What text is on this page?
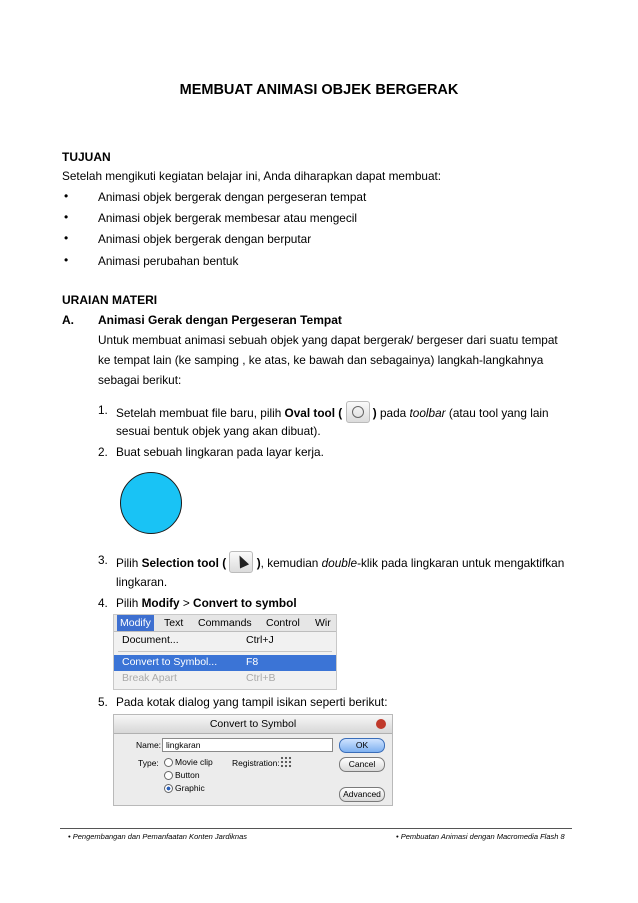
MEMBUAT ANIMASI OBJEK BERGERAK
TUJUAN
Setelah mengikuti kegiatan belajar ini, Anda diharapkan dapat membuat:
•	Animasi objek bergerak dengan pergeseran tempat
•	Animasi objek bergerak membesar atau mengecil
•	Animasi objek bergerak dengan berputar
•	Animasi perubahan bentuk
URAIAN MATERI
A. Animasi Gerak dengan Pergeseran Tempat
Untuk membuat animasi sebuah objek yang dapat bergerak/ bergeser dari suatu tempat
ke tempat lain (ke samping , ke atas, ke bawah dan sebagainya) langkah-langkahnya
sebagai berikut:
1. Setelah membuat file baru, pilih Oval tool (	) pada toolbar (atau tool yang lain
sesuai bentuk objek yang akan dibuat).
2. Buat sebuah lingkaran pada layar kerja.
3. Pilih Selection tool (	), kemudian double-klik pada lingkaran untuk mengaktifkan
lingkaran.
4. Pilih Modify > Convert to symbol
Modify Text Commands Control Wir
Document...	Ctrl+J
Convert to Symbol...	F8
Break Apart	Ctrl+B
5. Pada kotak dialog yang tampil isikan seperti berikut:
Convert to Symbol
Name: lingkaran	OK
Type:	Movie clip
Button
Graphic
Registration:	Cancel
Advanced
• Pengembangan dan Pemanfaatan Konten Jardiknas	• Pembuatan Animasi dengan Macromedia Flash 8
